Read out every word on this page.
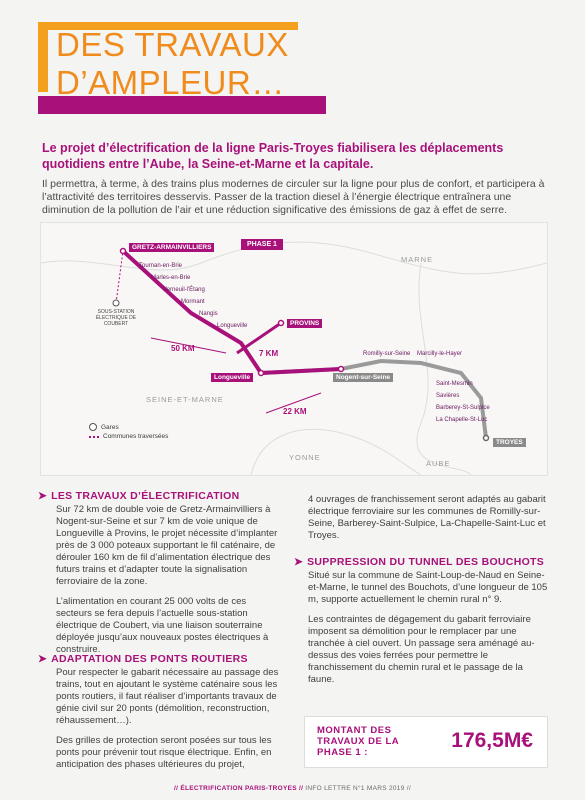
DES TRAVAUX
D’AMPLEUR…
Le projet d’électrification de la ligne Paris-Troyes fiabilisera les déplacements quotidiens entre l’Aube, la Seine-et-Marne et la capitale.
Il permettra, à terme, à des trains plus modernes de circuler sur la ligne pour plus de confort, et participera à l’attractivité des territoires desservis. Passer de la traction diesel à l’énergie électrique entraînera une diminution de la pollution de l’air et une réduction significative des émissions de gaz à effet de serre.
PHASE 1
MARNE
SEINE-ET-MARNE
YONNE
AUBE
50 KM
7 KM
22 KM
GRETZ-ARMAINVILLIERS
PROVINS
Longueville
TROYES
Nogent-sur-Seine
SOUS-STATION ÉLECTRIQUE DE COUBERT
Tournan-en-Brie
Marles-en-Brie
Verneuil-l'Étang
Mormant
Nangis
Longueville
Romilly-sur-Seine Marcilly-le-Hayer
Saint-Mesmin
Savières
Barberey-St-Sulpice
La Chapelle-St-Luc
Gares
Communes traversées
➤ LES TRAVAUX D’ÉLECTRIFICATION

Sur 72 km de double voie de Gretz-Armainvilliers à Nogent-sur-Seine et sur 7 km de voie unique de Longueville à Provins, le projet nécessite d’implanter près de 3 000 poteaux supportant le fil caténaire, de dérouler 160 km de fil d’alimentation électrique des futurs trains et d’adapter toute la signalisation ferroviaire de la zone.

L’alimentation en courant 25 000 volts de ces secteurs se fera depuis l’actuelle sous-station électrique de Coubert, via une liaison souterraine déployée jusqu’aux nouveaux postes électriques à construire.

➤ ADAPTATION DES PONTS ROUTIERS

Pour respecter le gabarit nécessaire au passage des trains, tout en ajoutant le système caténaire sous les ponts routiers, il faut réaliser d’importants travaux de génie civil sur 20 ponts (démolition, reconstruction, réhaussement…).

Des grilles de protection seront posées sur tous les ponts pour prévenir tout risque électrique. Enfin, en anticipation des phases ultérieures du projet,

4 ouvrages de franchissement seront adaptés au gabarit électrique ferroviaire sur les communes de Romilly-sur-Seine, Barberey-Saint-Sulpice, La-Chapelle-Saint-Luc et Troyes.

➤ SUPPRESSION DU TUNNEL DES BOUCHOTS

Situé sur la commune de Saint-Loup-de-Naud en Seine-et-Marne, le tunnel des Bouchots, d’une longueur de 105 m, supporte actuellement le chemin rural n° 9.

Les contraintes de dégagement du gabarit ferroviaire imposent sa démolition pour le remplacer par une tranchée à ciel ouvert. Un passage sera aménagé au-dessus des voies ferrées pour permettre le franchissement du chemin rural et le passage de la faune.

MONTANT DES TRAVAUX DE LA PHASE 1 :
176,5M€
// ÉLECTRIFICATION PARIS-TROYES // INFO LETTRE N°1 MARS 2019 //
